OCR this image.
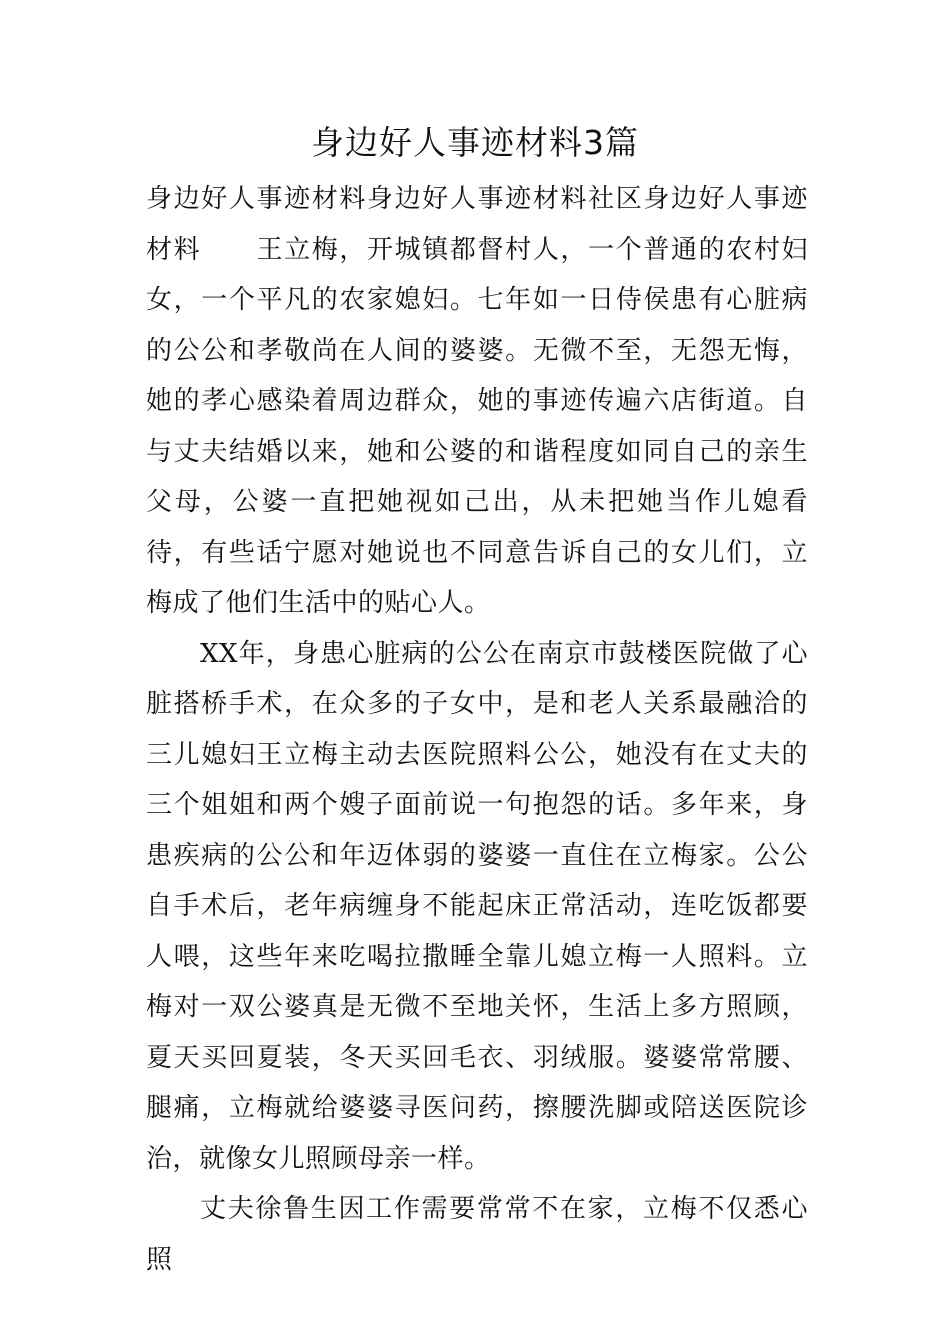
身边好人事迹材料3篇

身边好人事迹材料身边好人事迹材料社区身边好人事迹材料　　王立梅，开城镇都督村人，一个普通的农村妇女，一个平凡的农家媳妇。七年如一日侍侯患有心脏病的公公和孝敬尚在人间的婆婆。无微不至，无怨无悔，她的孝心感染着周边群众，她的事迹传遍六店街道。自与丈夫结婚以来，她和公婆的和谐程度如同自己的亲生父母，公婆一直把她视如己出，从未把她当作儿媳看待，有些话宁愿对她说也不同意告诉自己的女儿们，立梅成了他们生活中的贴心人。

XX年，身患心脏病的公公在南京市鼓楼医院做了心脏搭桥手术，在众多的子女中，是和老人关系最融洽的三儿媳妇王立梅主动去医院照料公公，她没有在丈夫的三个姐姐和两个嫂子面前说一句抱怨的话。多年来，身患疾病的公公和年迈体弱的婆婆一直住在立梅家。公公自手术后，老年病缠身不能起床正常活动，连吃饭都要人喂，这些年来吃喝拉撒睡全靠儿媳立梅一人照料。立梅对一双公婆真是无微不至地关怀，生活上多方照顾，夏天买回夏装，冬天买回毛衣、羽绒服。婆婆常常腰、腿痛，立梅就给婆婆寻医问药，擦腰洗脚或陪送医院诊治，就像女儿照顾母亲一样。

丈夫徐鲁生因工作需要常常不在家，立梅不仅悉心照
